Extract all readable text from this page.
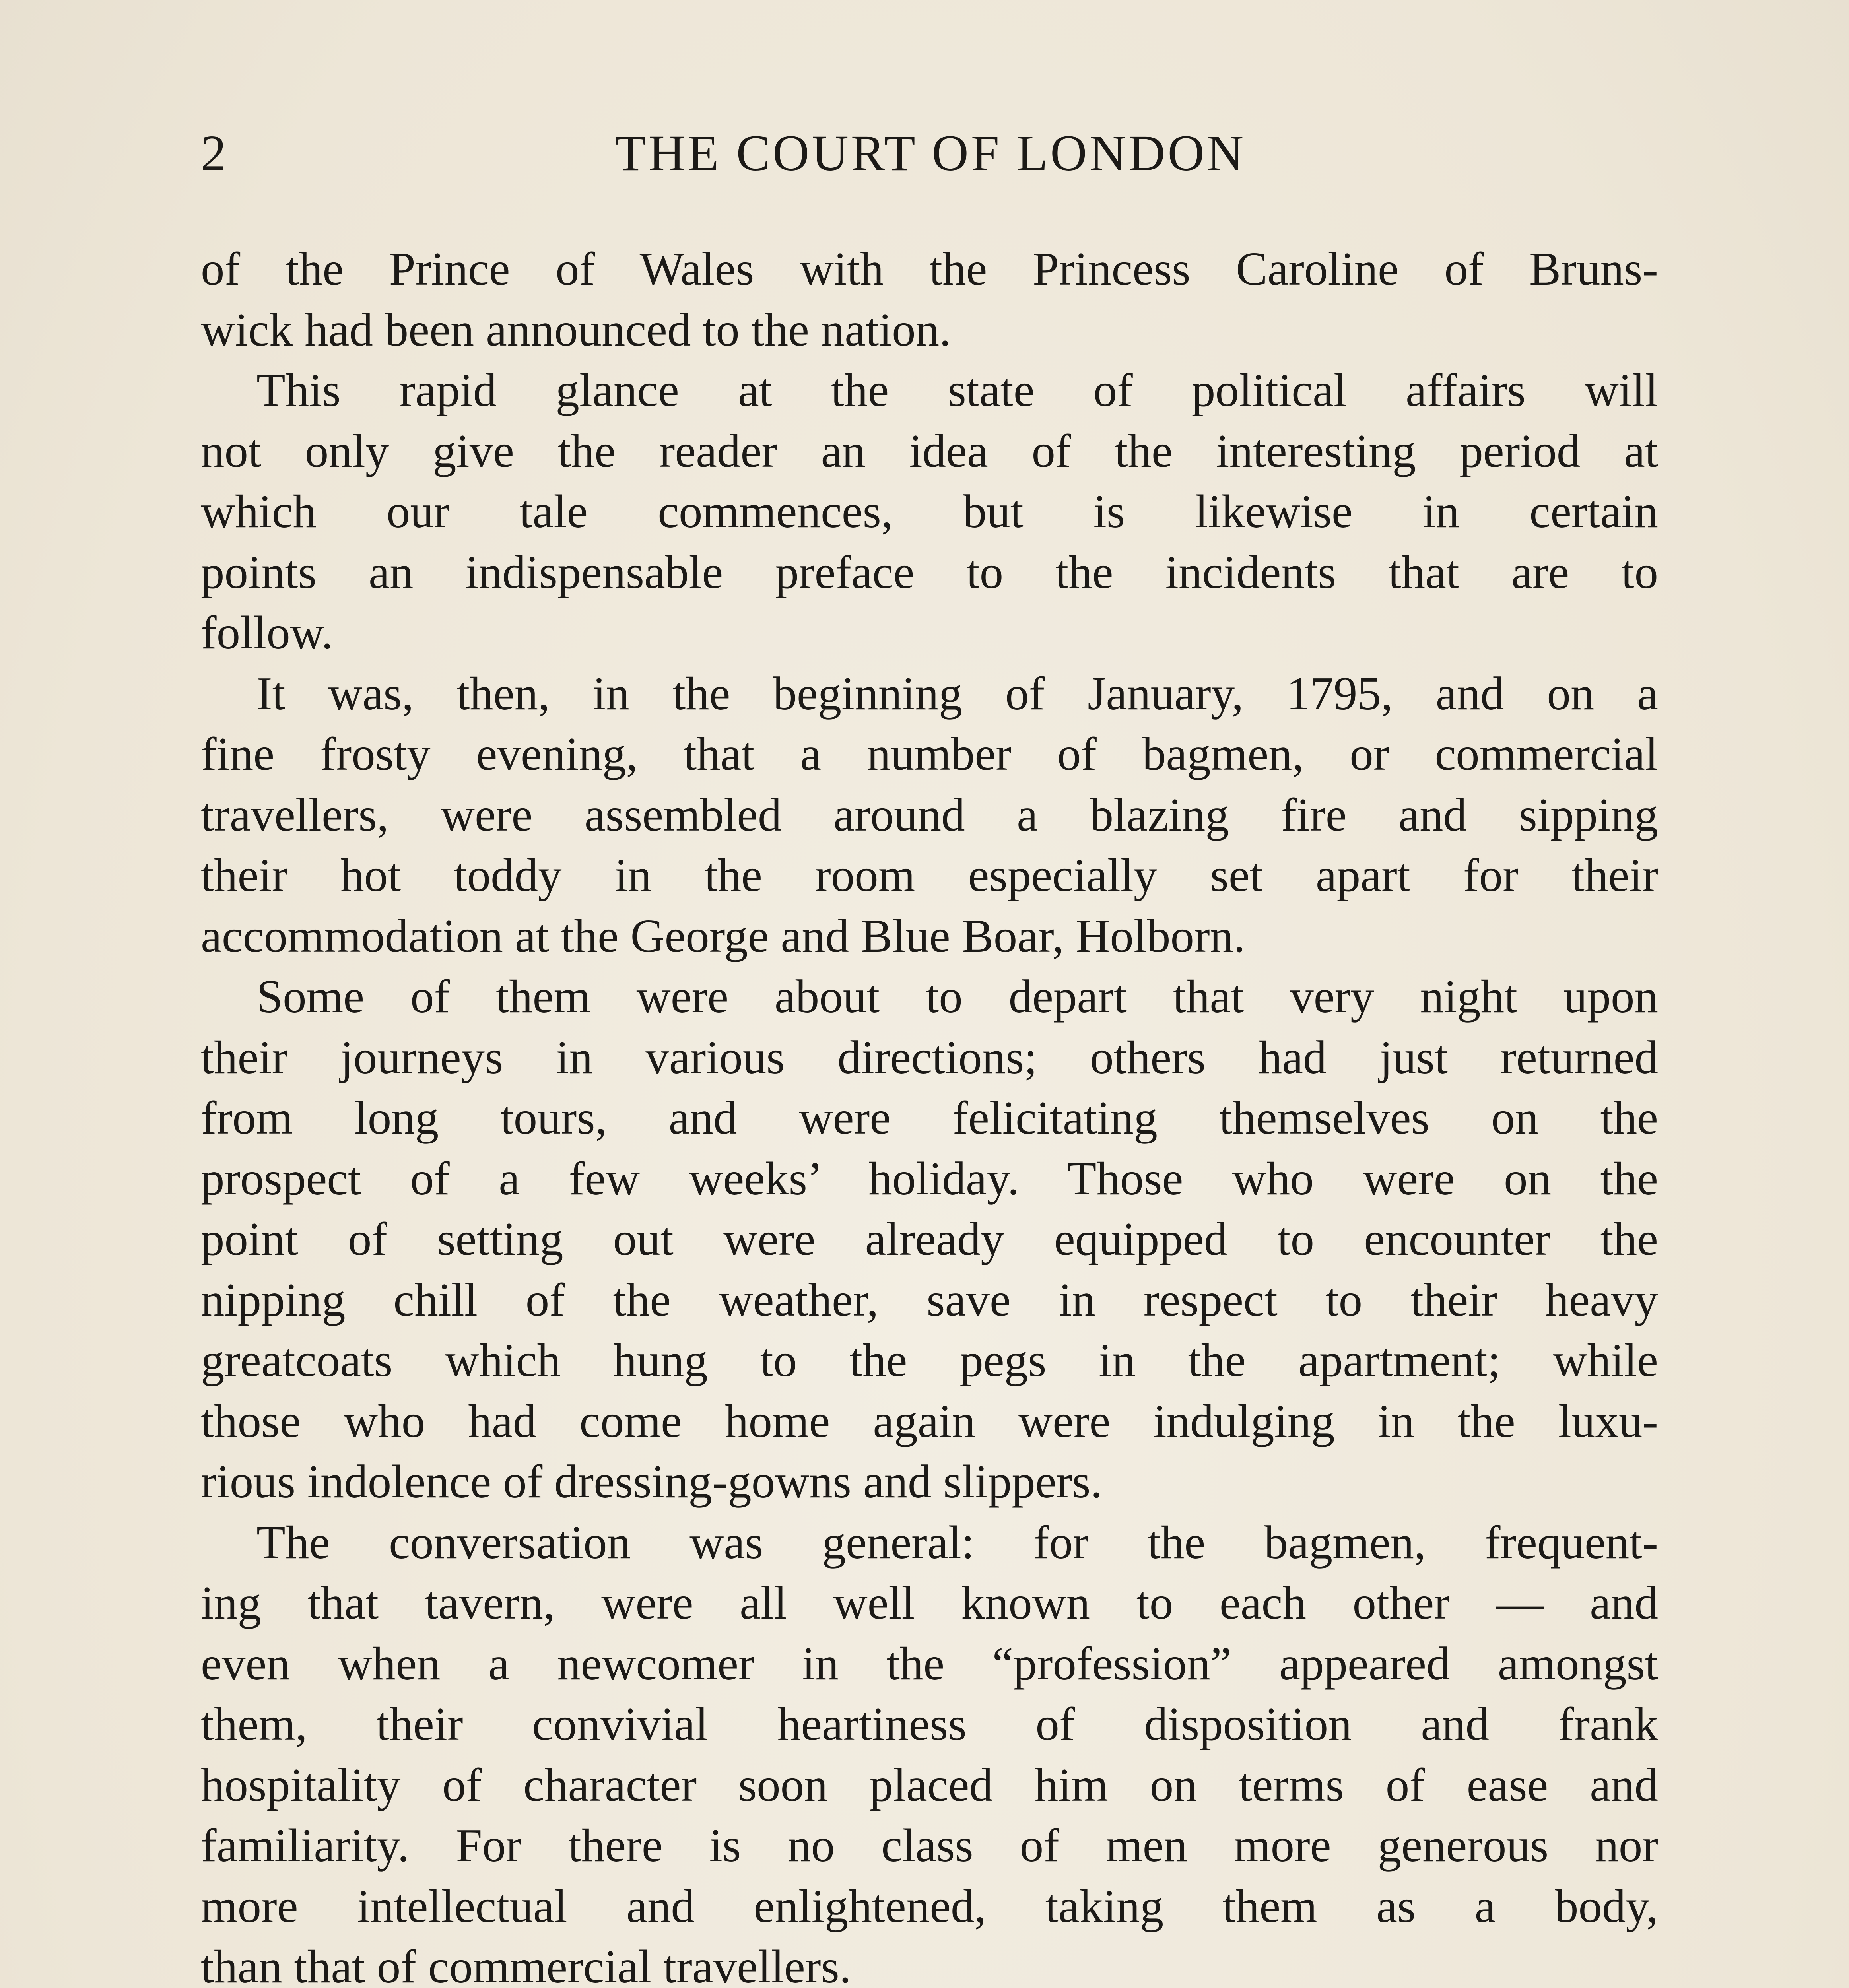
2	THE COURT OF LONDON
of the Prince of Wales with the Princess Caroline of Bruns-
wick had been announced to the nation.
This rapid glance at the state of political affairs will
not only give the reader an idea of the interesting period at
which our tale commences, but is likewise in certain
points an indispensable preface to the incidents that are to
follow.
It was, then, in the beginning of January, 1795, and on a
fine frosty evening, that a number of bagmen, or commercial
travellers, were assembled around a blazing fire and sipping
their hot toddy in the room especially set apart for their
accommodation at the George and Blue Boar, Holborn.
Some of them were about to depart that very night upon
their journeys in various directions; others had just returned
from long tours, and were felicitating themselves on the
prospect of a few weeks’ holiday. Those who were on the
point of setting out were already equipped to encounter the
nipping chill of the weather, save in respect to their heavy
greatcoats which hung to the pegs in the apartment; while
those who had come home again were indulging in the luxu-
rious indolence of dressing-gowns and slippers.
The conversation was general: for the bagmen, frequent-
ing that tavern, were all well known to each other — and
even when a newcomer in the “profession” appeared amongst
them, their convivial heartiness of disposition and frank
hospitality of character soon placed him on terms of ease and
familiarity. For there is no class of men more generous nor
more intellectual and enlightened, taking them as a body,
than that of commercial travellers.
